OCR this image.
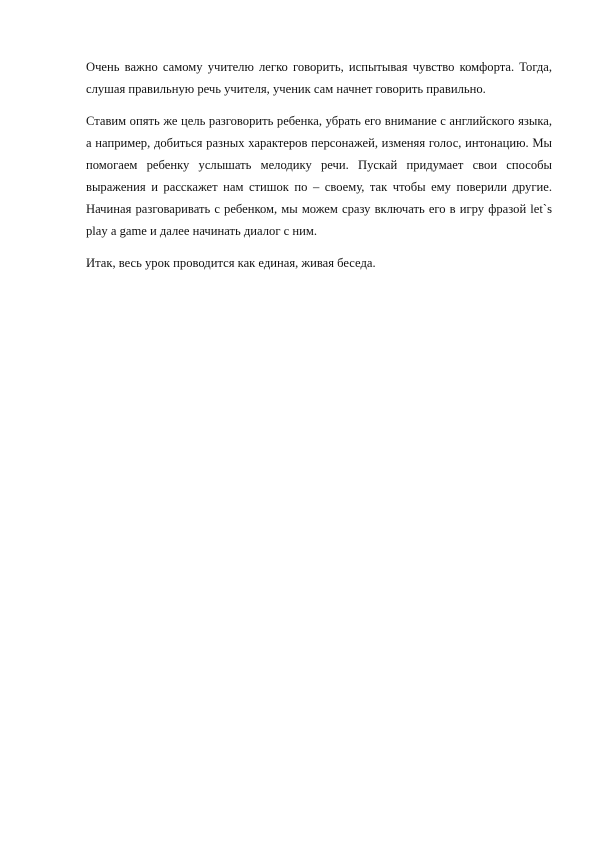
Очень важно самому учителю легко говорить, испытывая чувство комфорта. Тогда, слушая правильную речь учителя, ученик сам начнет говорить правильно.

Ставим опять же цель разговорить ребенка, убрать его внимание с английского языка, а например, добиться разных характеров персонажей, изменяя голос, интонацию. Мы помогаем ребенку услышать мелодику речи. Пускай придумает свои способы выражения и расскажет нам стишок по – своему, так чтобы ему поверили другие. Начиная разговаривать с ребенком, мы можем сразу включать его в игру фразой let`s play a game и далее начинать диалог с ним.

Итак, весь урок проводится как единая, живая беседа.
